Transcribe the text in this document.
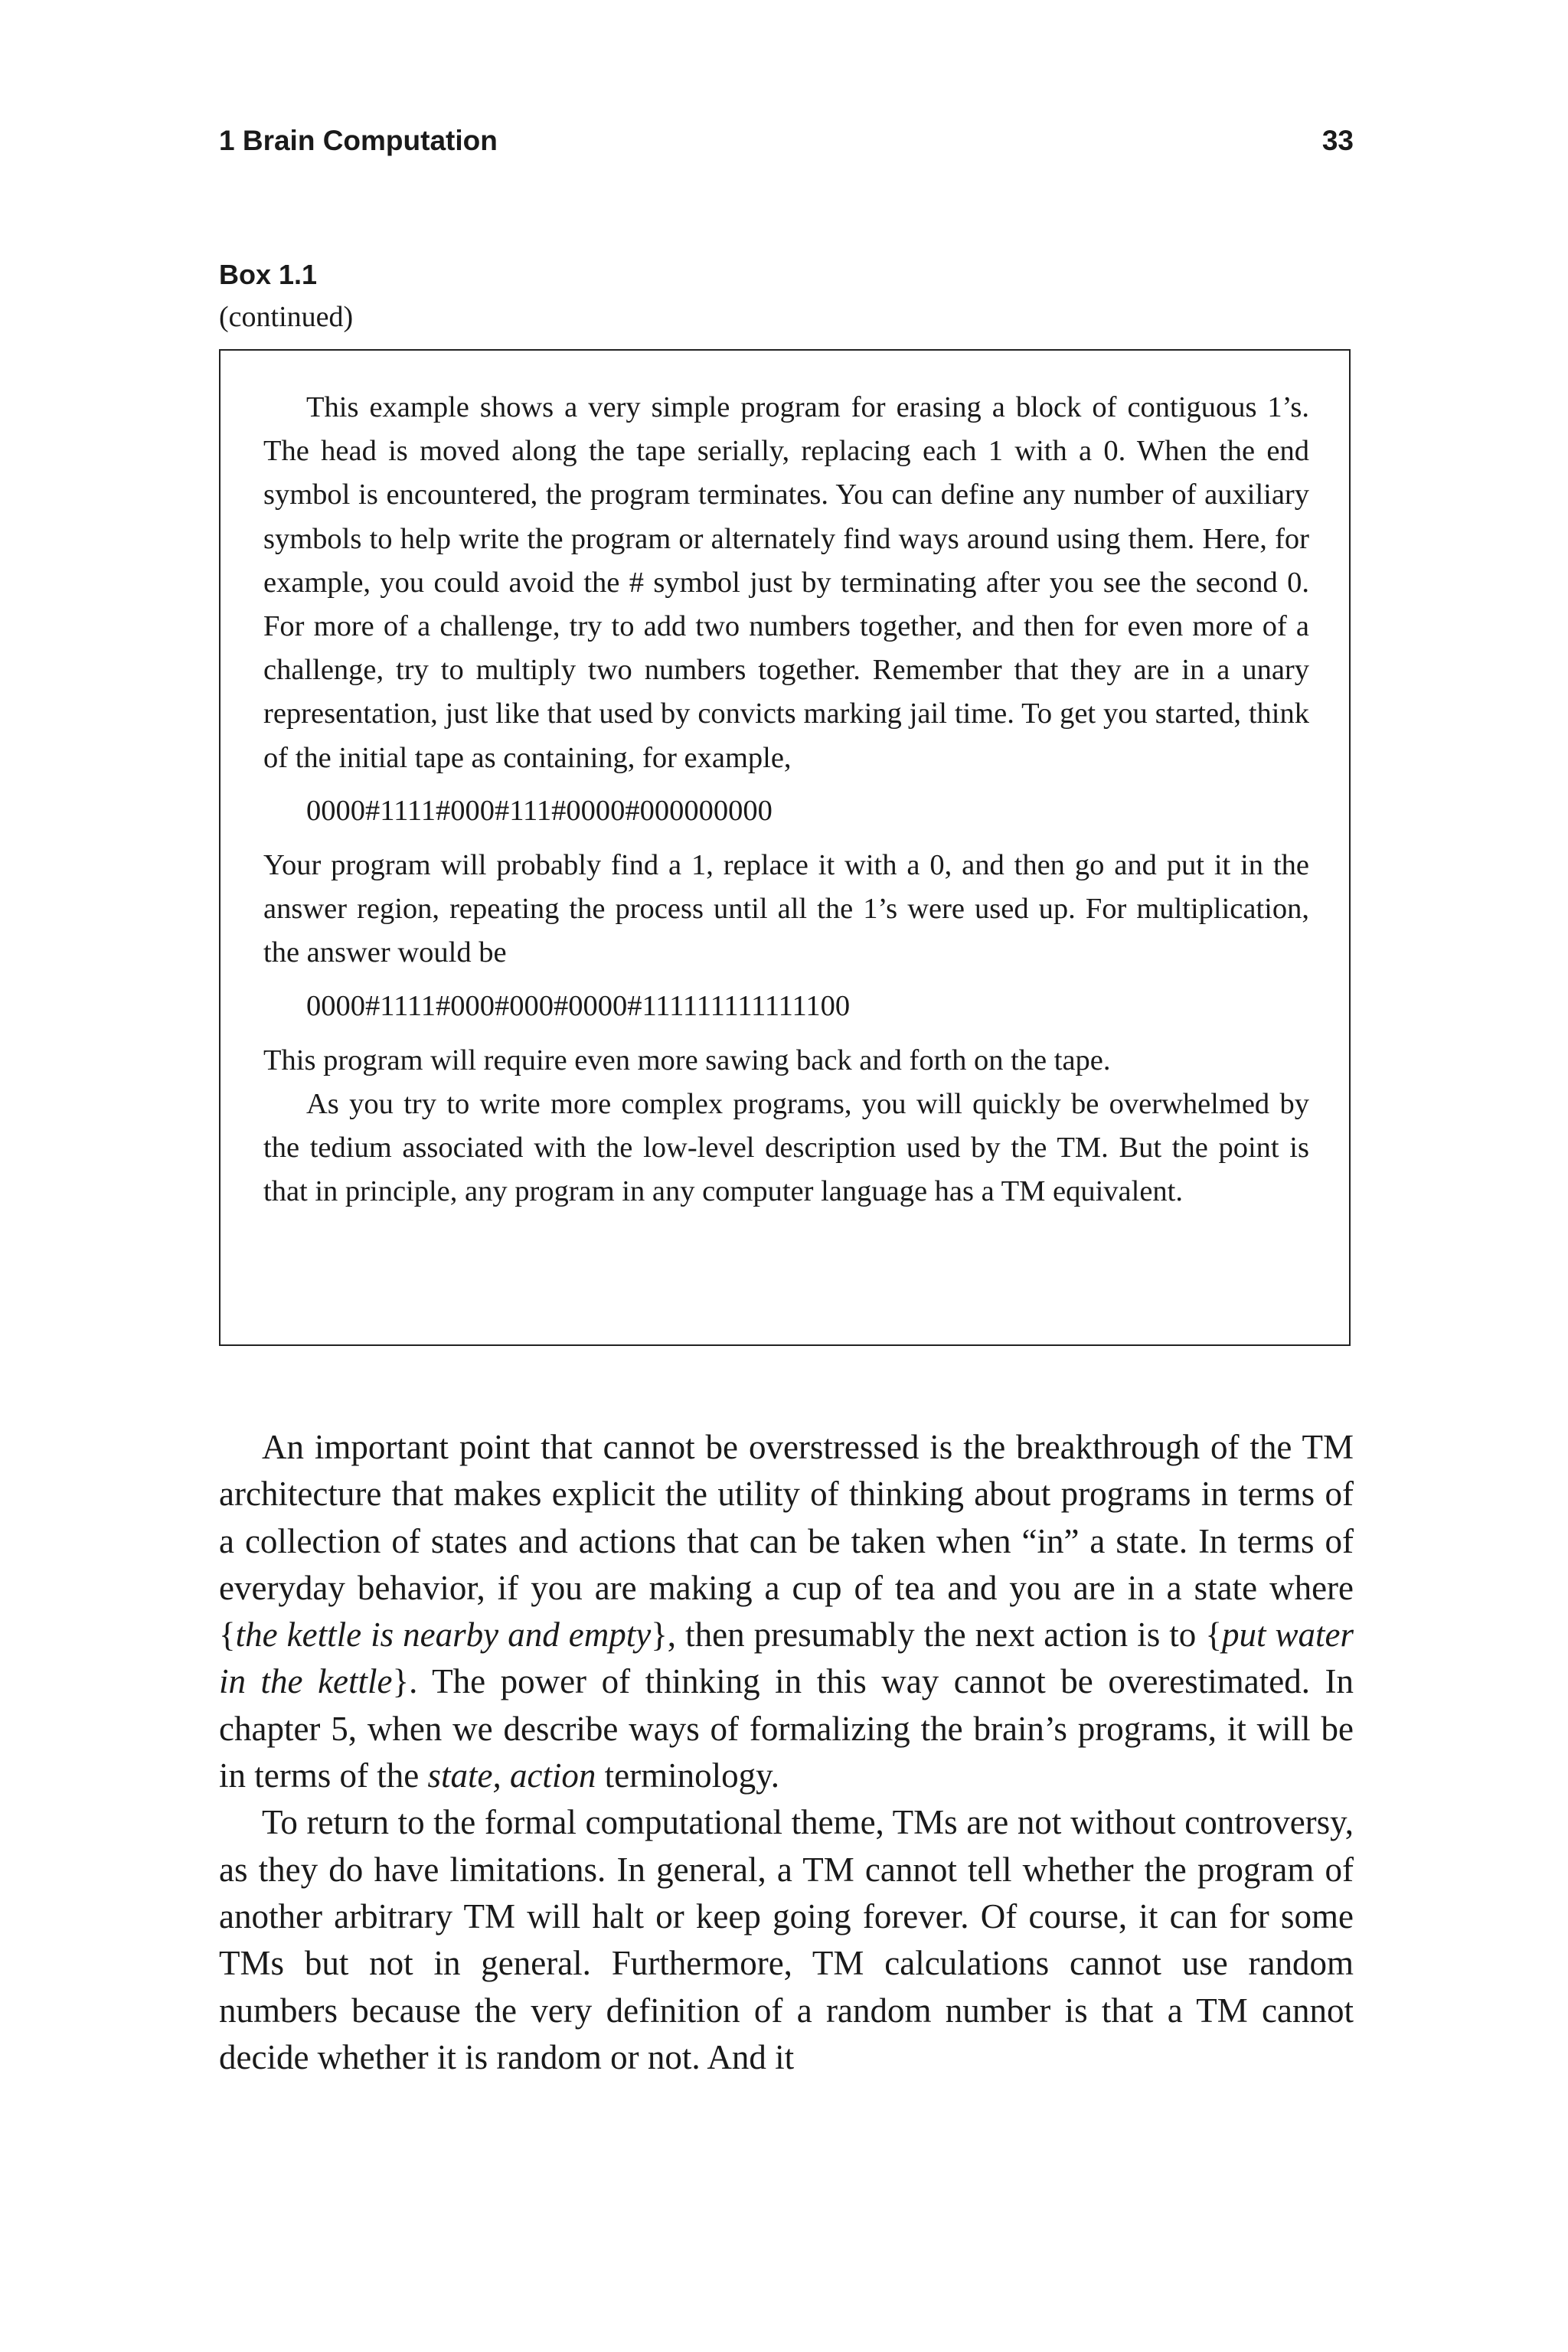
1 Brain Computation	33
Box 1.1
(continued)

This example shows a very simple program for erasing a block of contiguous 1’s. The head is moved along the tape serially, replacing each 1 with a 0. When the end symbol is encountered, the program terminates. You can define any number of auxiliary symbols to help write the program or alternately find ways around using them. Here, for example, you could avoid the # symbol just by terminating after you see the second 0. For more of a challenge, try to add two numbers together, and then for even more of a challenge, try to multiply two numbers together. Remember that they are in a unary representation, just like that used by convicts marking jail time. To get you started, think of the initial tape as containing, for example,

0000#1111#000#111#0000#000000000

Your program will probably find a 1, replace it with a 0, and then go and put it in the answer region, repeating the process until all the 1’s were used up. For multiplication, the answer would be

0000#1111#000#000#0000#111111111111100

This program will require even more sawing back and forth on the tape.

As you try to write more complex programs, you will quickly be overwhelmed by the tedium associated with the low-level description used by the TM. But the point is that in principle, any program in any computer language has a TM equivalent.

An important point that cannot be overstressed is the breakthrough of the TM architecture that makes explicit the utility of thinking about programs in terms of a collection of states and actions that can be taken when “in” a state. In terms of everyday behavior, if you are making a cup of tea and you are in a state where {the kettle is nearby and empty}, then presumably the next action is to {put water in the kettle}. The power of thinking in this way cannot be overestimated. In chapter 5, when we describe ways of formalizing the brain’s programs, it will be in terms of the state, action terminology.

To return to the formal computational theme, TMs are not without controversy, as they do have limitations. In general, a TM cannot tell whether the program of another arbitrary TM will halt or keep going forever. Of course, it can for some TMs but not in general. Furthermore, TM calculations cannot use random numbers because the very definition of a random number is that a TM cannot decide whether it is random or not. And it
